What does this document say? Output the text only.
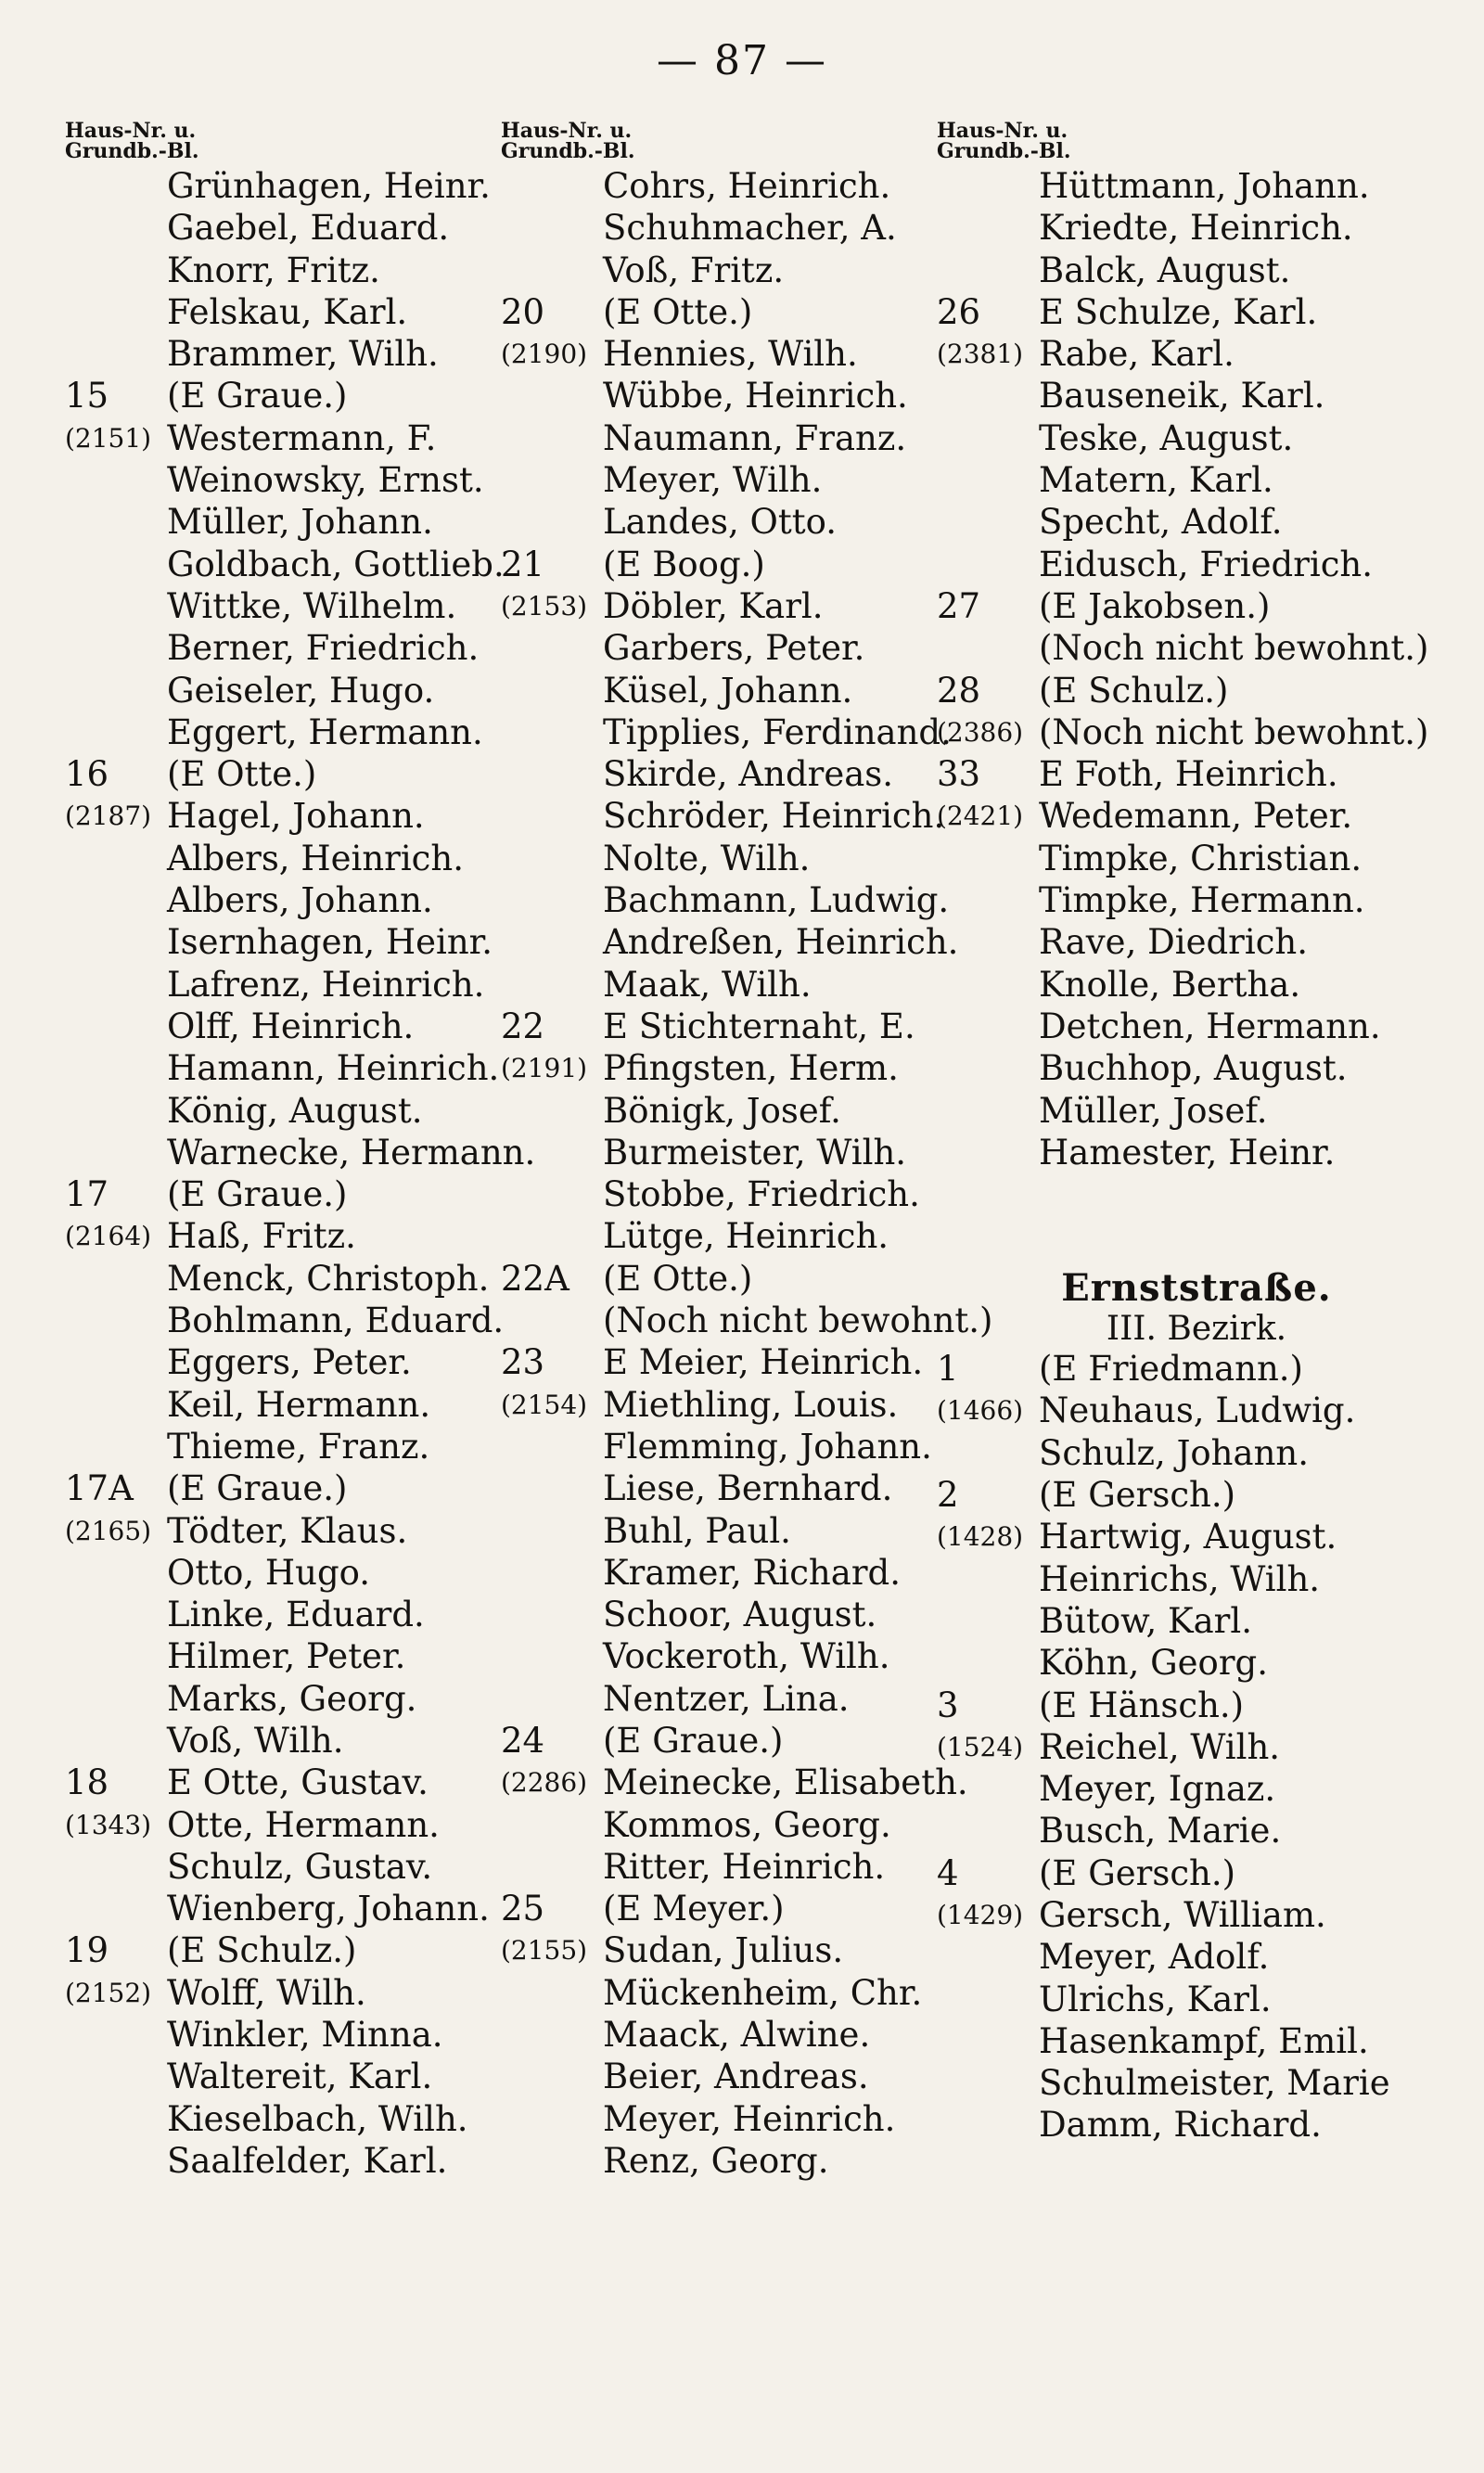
— 87 —
Haus-Nr. u.
Grundb.-Bl.
Grünhagen, Heinr.
Gaebel, Eduard.
Knorr, Fritz.
Felskau, Karl.
Brammer, Wilh.
15 (E Graue.)
(2151) Westermann, F.
Weinowsky, Ernst.
Müller, Johann.
Goldbach, Gottlieb.
Wittke, Wilhelm.
Berner, Friedrich.
Geiseler, Hugo.
Eggert, Hermann.
16 (E Otte.)
(2187) Hagel, Johann.
Albers, Heinrich.
Albers, Johann.
Isernhagen, Heinr.
Lafrenz, Heinrich.
Olff, Heinrich.
Hamann, Heinrich.
König, August.
Warnecke, Hermann.
17 (E Graue.)
(2164) Haß, Fritz.
Menck, Christoph.
Bohlmann, Eduard.
Eggers, Peter.
Keil, Hermann.
Thieme, Franz.
17A (E Graue.)
(2165) Tödter, Klaus.
Otto, Hugo.
Linke, Eduard.
Hilmer, Peter.
Marks, Georg.
Voß, Wilh.
18 E Otte, Gustav.
(1343) Otte, Hermann.
Schulz, Gustav.
Wienberg, Johann.
19 (E Schulz.)
(2152) Wolff, Wilh.
Winkler, Minna.
Waltereit, Karl.
Kieselbach, Wilh.
Saalfelder, Karl.
Haus-Nr. u.
Grundb.-Bl.
Cohrs, Heinrich.
Schuhmacher, A.
Voß, Fritz.
20 (E Otte.)
(2190) Hennies, Wilh.
Wübbe, Heinrich.
Naumann, Franz.
Meyer, Wilh.
Landes, Otto.
21 (E Boog.)
(2153) Döbler, Karl.
Garbers, Peter.
Küsel, Johann.
Tipplies, Ferdinand.
Skirde, Andreas.
Schröder, Heinrich.
Nolte, Wilh.
Bachmann, Ludwig.
Andreßen, Heinrich.
Maak, Wilh.
22 E Stichternaht, E.
(2191) Pfingsten, Herm.
Bönigk, Josef.
Burmeister, Wilh.
Stobbe, Friedrich.
Lütge, Heinrich.
22A (E Otte.)
(Noch nicht bewohnt.)
23 E Meier, Heinrich.
(2154) Miethling, Louis.
Flemming, Johann.
Liese, Bernhard.
Buhl, Paul.
Kramer, Richard.
Schoor, August.
Vockeroth, Wilh.
Nentzer, Lina.
24 (E Graue.)
(2286) Meinecke, Elisabeth.
Kommos, Georg.
Ritter, Heinrich.
25 (E Meyer.)
(2155) Sudan, Julius.
Mückenheim, Chr.
Maack, Alwine.
Beier, Andreas.
Meyer, Heinrich.
Renz, Georg.
Haus-Nr. u.
Grundb.-Bl.
Hüttmann, Johann.
Kriedte, Heinrich.
Balck, August.
26 E Schulze, Karl.
(2381) Rabe, Karl.
Bauseneik, Karl.
Teske, August.
Matern, Karl.
Specht, Adolf.
Eidusch, Friedrich.
27 (E Jakobsen.)
(Noch nicht bewohnt.)
28 (E Schulz.)
(2386) (Noch nicht bewohnt.)
33 E Foth, Heinrich.
(2421) Wedemann, Peter.
Timpke, Christian.
Timpke, Hermann.
Rave, Diedrich.
Knolle, Bertha.
Detchen, Hermann.
Buchhop, August.
Müller, Josef.
Hamester, Heinr.
Ernststraße.
III. Bezirk.
1 (E Friedmann.)
(1466) Neuhaus, Ludwig.
Schulz, Johann.
2 (E Gersch.)
(1428) Hartwig, August.
Heinrichs, Wilh.
Bütow, Karl.
Köhn, Georg.
3 (E Hänsch.)
(1524) Reichel, Wilh.
Meyer, Ignaz.
Busch, Marie.
4 (E Gersch.)
(1429) Gersch, William.
Meyer, Adolf.
Ulrichs, Karl.
Hasenkampf, Emil.
Schulmeister, Marie
Damm, Richard.
